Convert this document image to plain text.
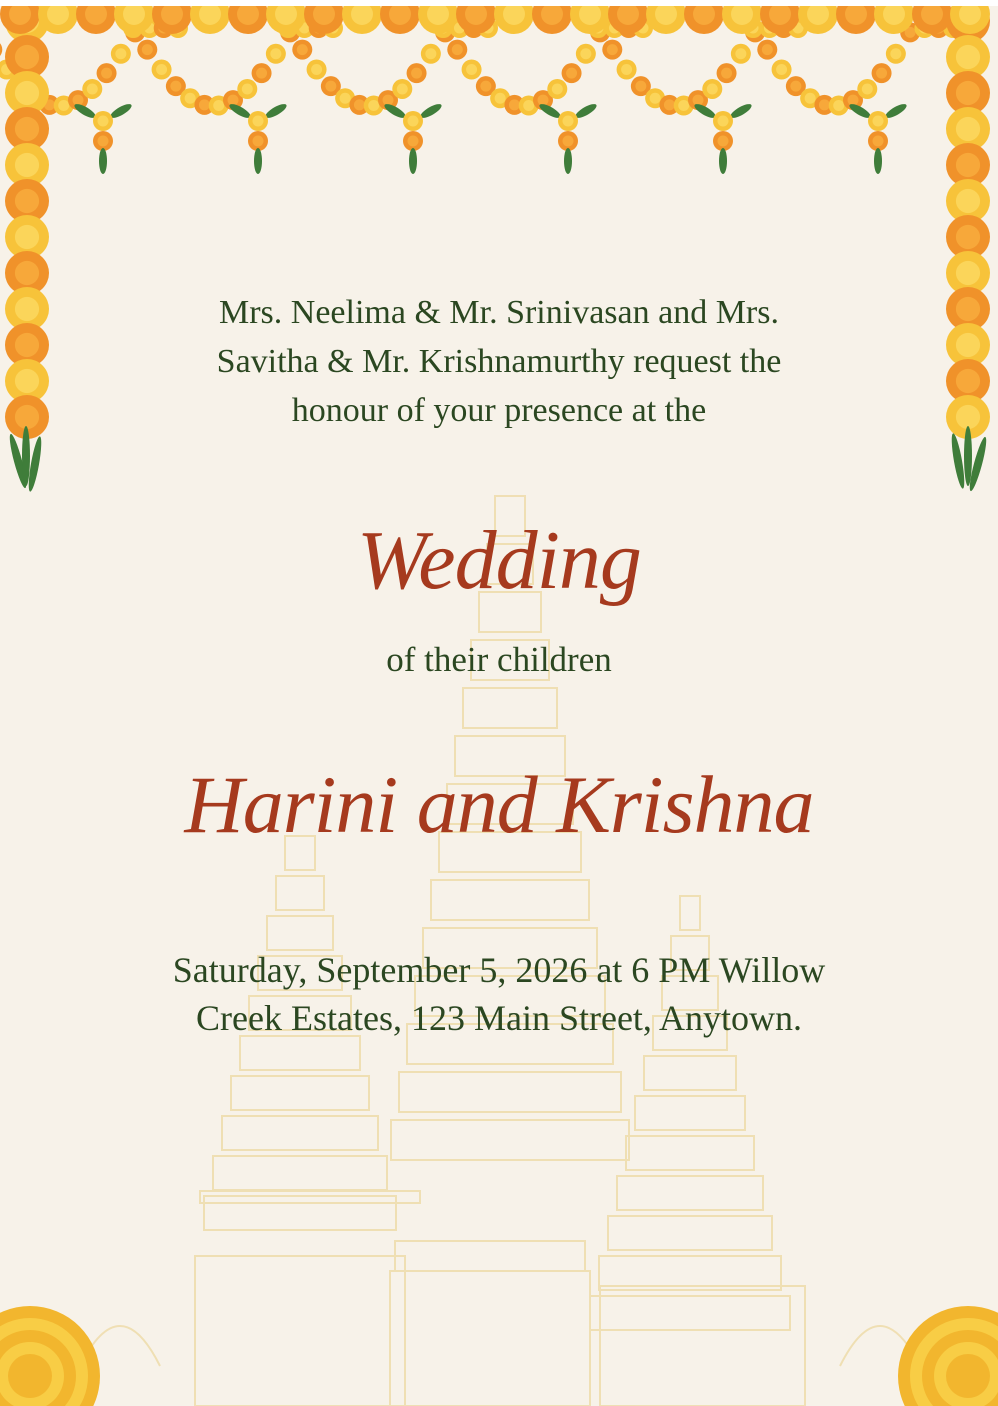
Mrs. Neelima & Mr. Srinivasan and Mrs. Savitha & Mr. Krishnamurthy request the honour of your presence at the
Wedding
of their children
Harini and Krishna
Saturday, September 5, 2026 at 6 PM Willow Creek Estates, 123 Main Street, Anytown.
